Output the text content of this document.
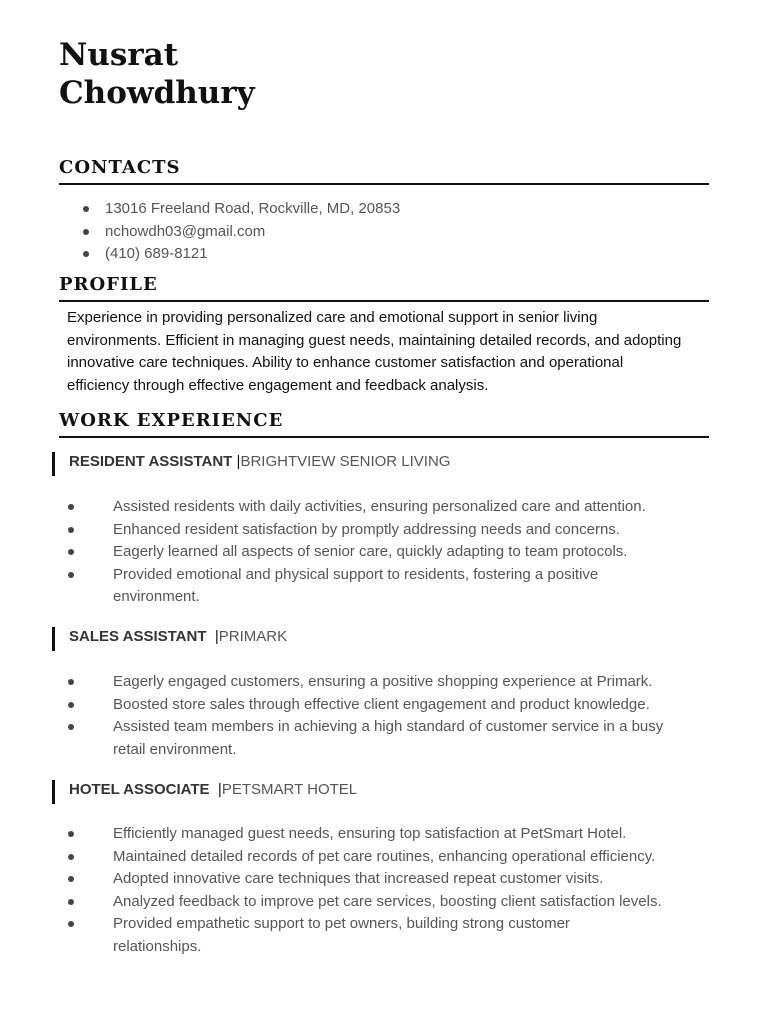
Nusrat
Chowdhury
CONTACTS
13016 Freeland Road, Rockville, MD, 20853
nchowdh03@gmail.com
(410) 689-8121
PROFILE

Experience in providing personalized care and emotional support in senior living environments. Efficient in managing guest needs, maintaining detailed records, and adopting innovative care techniques. Ability to enhance customer satisfaction and operational efficiency through effective engagement and feedback analysis.

WORK EXPERIENCE
RESIDENT ASSISTANT |BRIGHTVIEW SENIOR LIVING
Assisted residents with daily activities, ensuring personalized care and attention.
Enhanced resident satisfaction by promptly addressing needs and concerns.
Eagerly learned all aspects of senior care, quickly adapting to team protocols.
Provided emotional and physical support to residents, fostering a positive environment.
SALES ASSISTANT |PRIMARK
Eagerly engaged customers, ensuring a positive shopping experience at Primark.
Boosted store sales through effective client engagement and product knowledge.
Assisted team members in achieving a high standard of customer service in a busy retail environment.
HOTEL ASSOCIATE |PETSMART HOTEL
Efficiently managed guest needs, ensuring top satisfaction at PetSmart Hotel.
Maintained detailed records of pet care routines, enhancing operational efficiency.
Adopted innovative care techniques that increased repeat customer visits.
Analyzed feedback to improve pet care services, boosting client satisfaction levels.
Provided empathetic support to pet owners, building strong customer relationships.
